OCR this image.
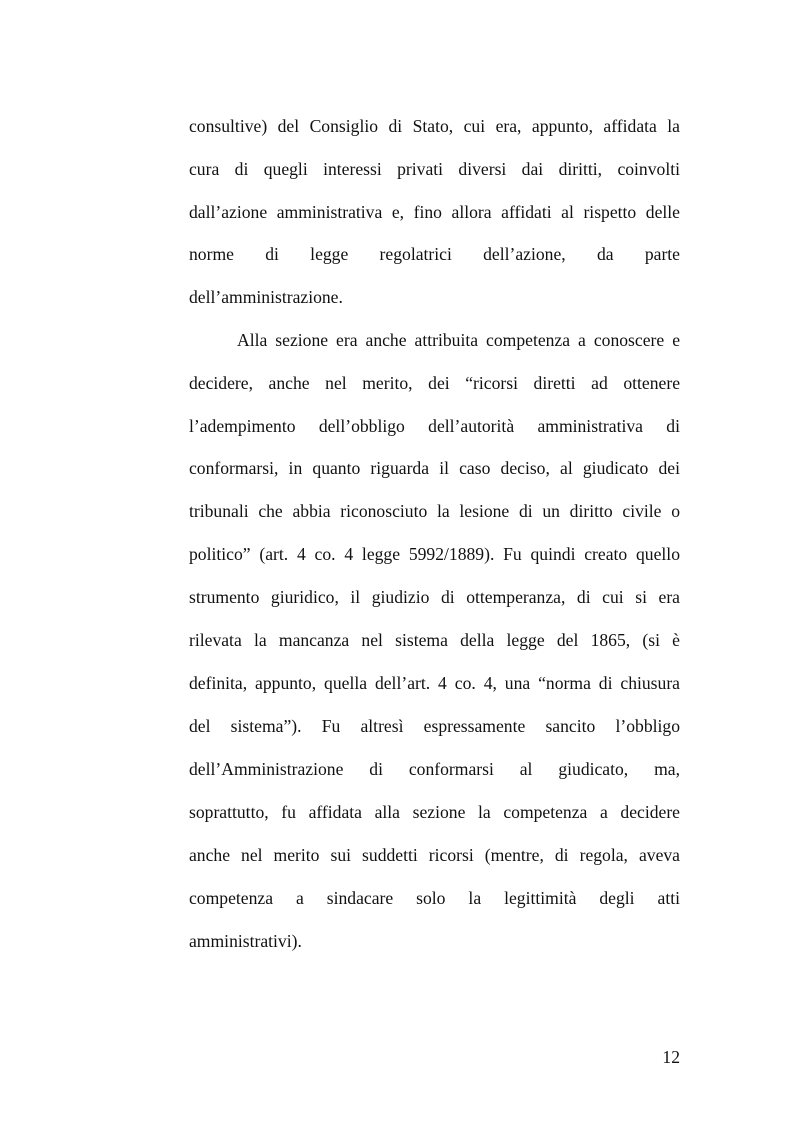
consultive) del Consiglio di Stato, cui era, appunto, affidata la
cura di quegli interessi privati diversi dai diritti, coinvolti
dall’azione amministrativa e, fino allora affidati al rispetto delle
norme di legge regolatrici dell’azione, da parte
dell’amministrazione.
Alla sezione era anche attribuita competenza a conoscere e
decidere, anche nel merito, dei “ricorsi diretti ad ottenere
l’adempimento dell’obbligo dell’autorità amministrativa di
conformarsi, in quanto riguarda il caso deciso, al giudicato dei
tribunali che abbia riconosciuto la lesione di un diritto civile o
politico” (art. 4 co. 4 legge 5992/1889). Fu quindi creato quello
strumento giuridico, il giudizio di ottemperanza, di cui si era
rilevata la mancanza nel sistema della legge del 1865, (si è
definita, appunto, quella dell’art. 4 co. 4, una “norma di chiusura
del sistema”). Fu altresì espressamente sancito l’obbligo
dell’Amministrazione di conformarsi al giudicato, ma,
soprattutto, fu affidata alla sezione la competenza a decidere
anche nel merito sui suddetti ricorsi (mentre, di regola, aveva
competenza a sindacare solo la legittimità degli atti
amministrativi).
12
